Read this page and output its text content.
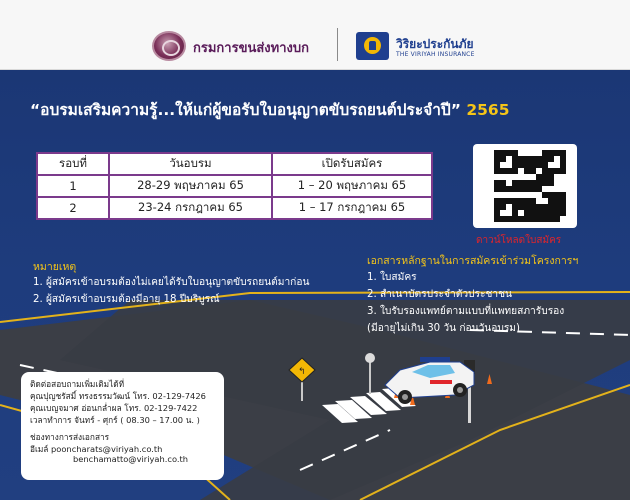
↰
กรมการขนส่งทางบก	วิริยะประกันภัย
THE VIRIYAH INSURANCE
“อบรมเสริมความรู้...ให้แก่ผู้ขอรับใบอนุญาตขับรถยนต์ประจำปี” 2565
รอบที่	วันอบรม	เปิดรับสมัคร
1	28-29 พฤษภาคม 65	1 – 20 พฤษภาคม 65
2	23-24 กรกฎาคม 65	1 – 17 กรกฎาคม 65
ดาวน์โหลดใบสมัคร
หมายเหตุ
1. ผู้สมัครเข้าอบรมต้องไม่เคยได้รับใบอนุญาตขับรถยนต์มาก่อน
2. ผู้สมัครเข้าอบรมต้องมีอายุ 18 ปีบริบูรณ์
เอกสารหลักฐานในการสมัครเข้าร่วมโครงการฯ
1. ใบสมัคร
2. สำเนาบัตรประจำตัวประชาชน
3. ใบรับรองแพทย์ตามแบบที่แพทยสภารับรอง
(มีอายุไม่เกิน 30 วัน ก่อนวันอบรม)
ติดต่อสอบถามเพิ่มเติมได้ที่
คุณปุญชรัสมิ์ ทรงธรรมวัฒน์ โทร. 02-129-7426
คุณเบญจมาศ อ่อนกล่ำผล โทร. 02-129-7422
เวลาทำการ จันทร์ - ศุกร์ ( 08.30 – 17.00 น. )
ช่องทางการส่งเอกสาร
อีเมล์ pooncharats@viriyah.co.th
benchamatto@viriyah.co.th
